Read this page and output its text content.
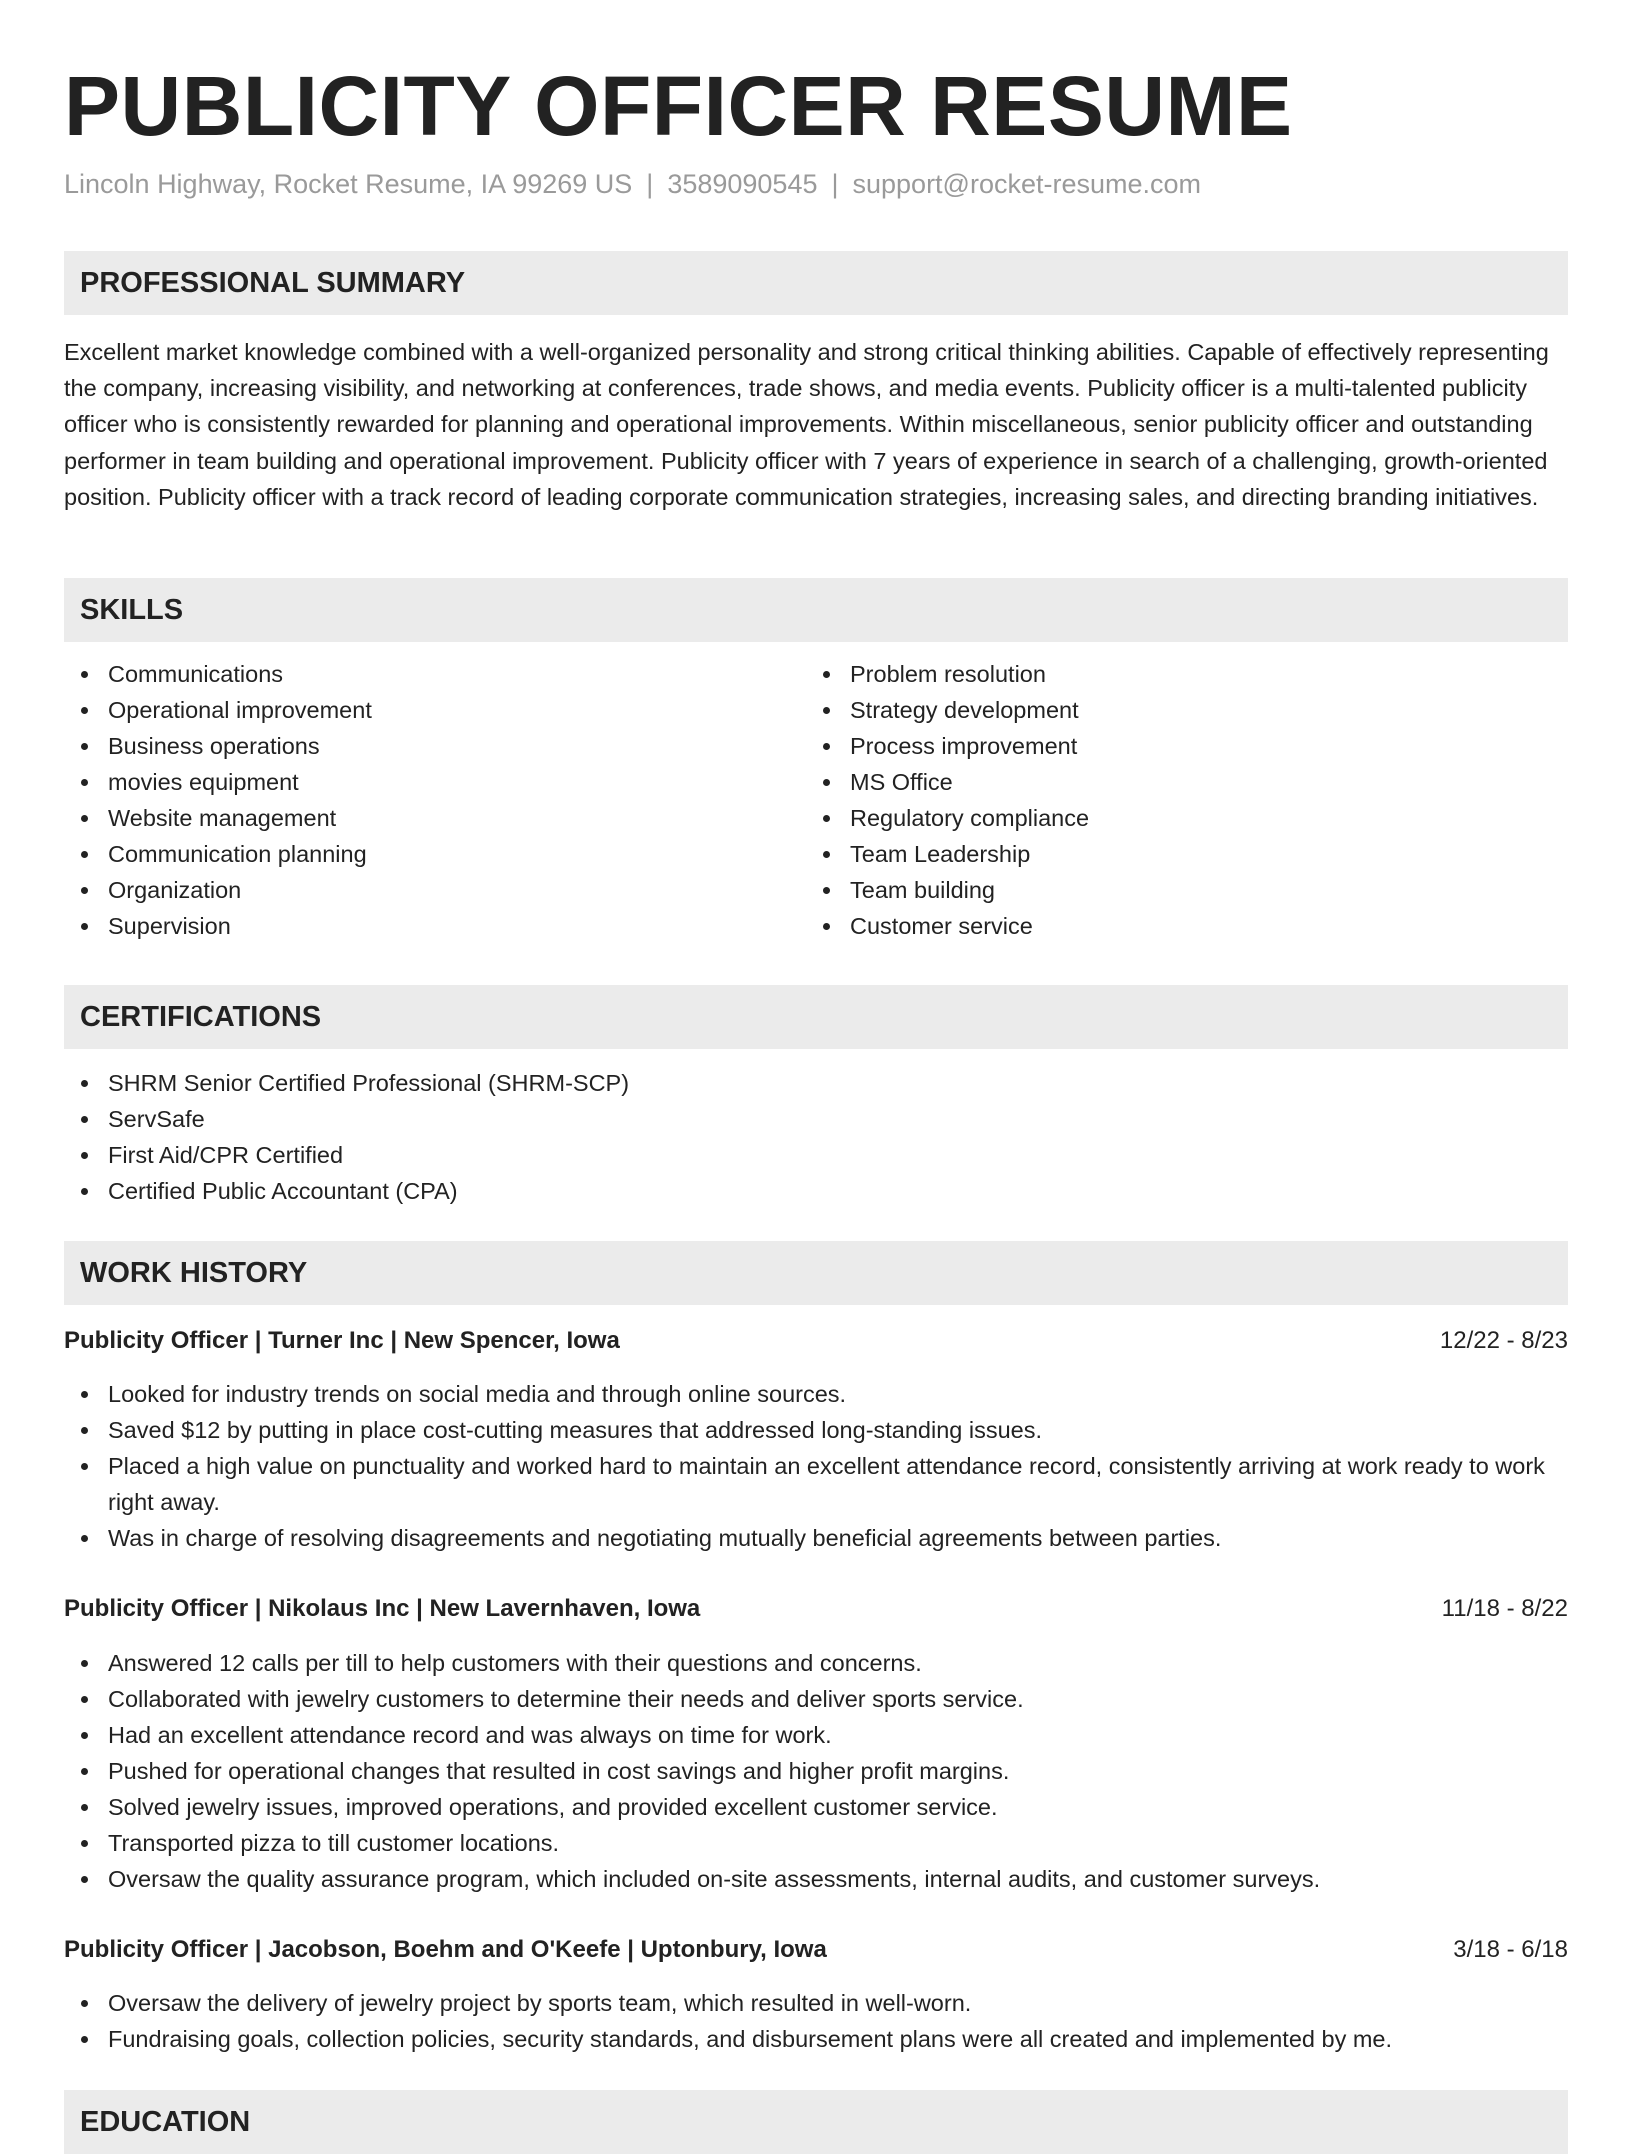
PUBLICITY OFFICER RESUME
Lincoln Highway, Rocket Resume, IA 99269 US | 3589090545 | support@rocket-resume.com
PROFESSIONAL SUMMARY

Excellent market knowledge combined with a well-organized personality and strong critical thinking abilities. Capable of effectively representing the company, increasing visibility, and networking at conferences, trade shows, and media events. Publicity officer is a multi-talented publicity officer who is consistently rewarded for planning and operational improvements. Within miscellaneous, senior publicity officer and outstanding performer in team building and operational improvement. Publicity officer with 7 years of experience in search of a challenging, growth-oriented position. Publicity officer with a track record of leading corporate communication strategies, increasing sales, and directing branding initiatives.

SKILLS
Communications
Operational improvement
Business operations
movies equipment
Website management
Communication planning
Organization
Supervision
Problem resolution
Strategy development
Process improvement
MS Office
Regulatory compliance
Team Leadership
Team building
Customer service
CERTIFICATIONS
SHRM Senior Certified Professional (SHRM-SCP)
ServSafe
First Aid/CPR Certified
Certified Public Accountant (CPA)
WORK HISTORY
Publicity Officer | Turner Inc | New Spencer, Iowa	12/22 - 8/23
Looked for industry trends on social media and through online sources.
Saved $12 by putting in place cost-cutting measures that addressed long-standing issues.
Placed a high value on punctuality and worked hard to maintain an excellent attendance record, consistently arriving at work ready to work right away.
Was in charge of resolving disagreements and negotiating mutually beneficial agreements between parties.
Publicity Officer | Nikolaus Inc | New Lavernhaven, Iowa	11/18 - 8/22
Answered 12 calls per till to help customers with their questions and concerns.
Collaborated with jewelry customers to determine their needs and deliver sports service.
Had an excellent attendance record and was always on time for work.
Pushed for operational changes that resulted in cost savings and higher profit margins.
Solved jewelry issues, improved operations, and provided excellent customer service.
Transported pizza to till customer locations.
Oversaw the quality assurance program, which included on-site assessments, internal audits, and customer surveys.
Publicity Officer | Jacobson, Boehm and O'Keefe | Uptonbury, Iowa	3/18 - 6/18
Oversaw the delivery of jewelry project by sports team, which resulted in well-worn.
Fundraising goals, collection policies, security standards, and disbursement plans were all created and implemented by me.
EDUCATION
